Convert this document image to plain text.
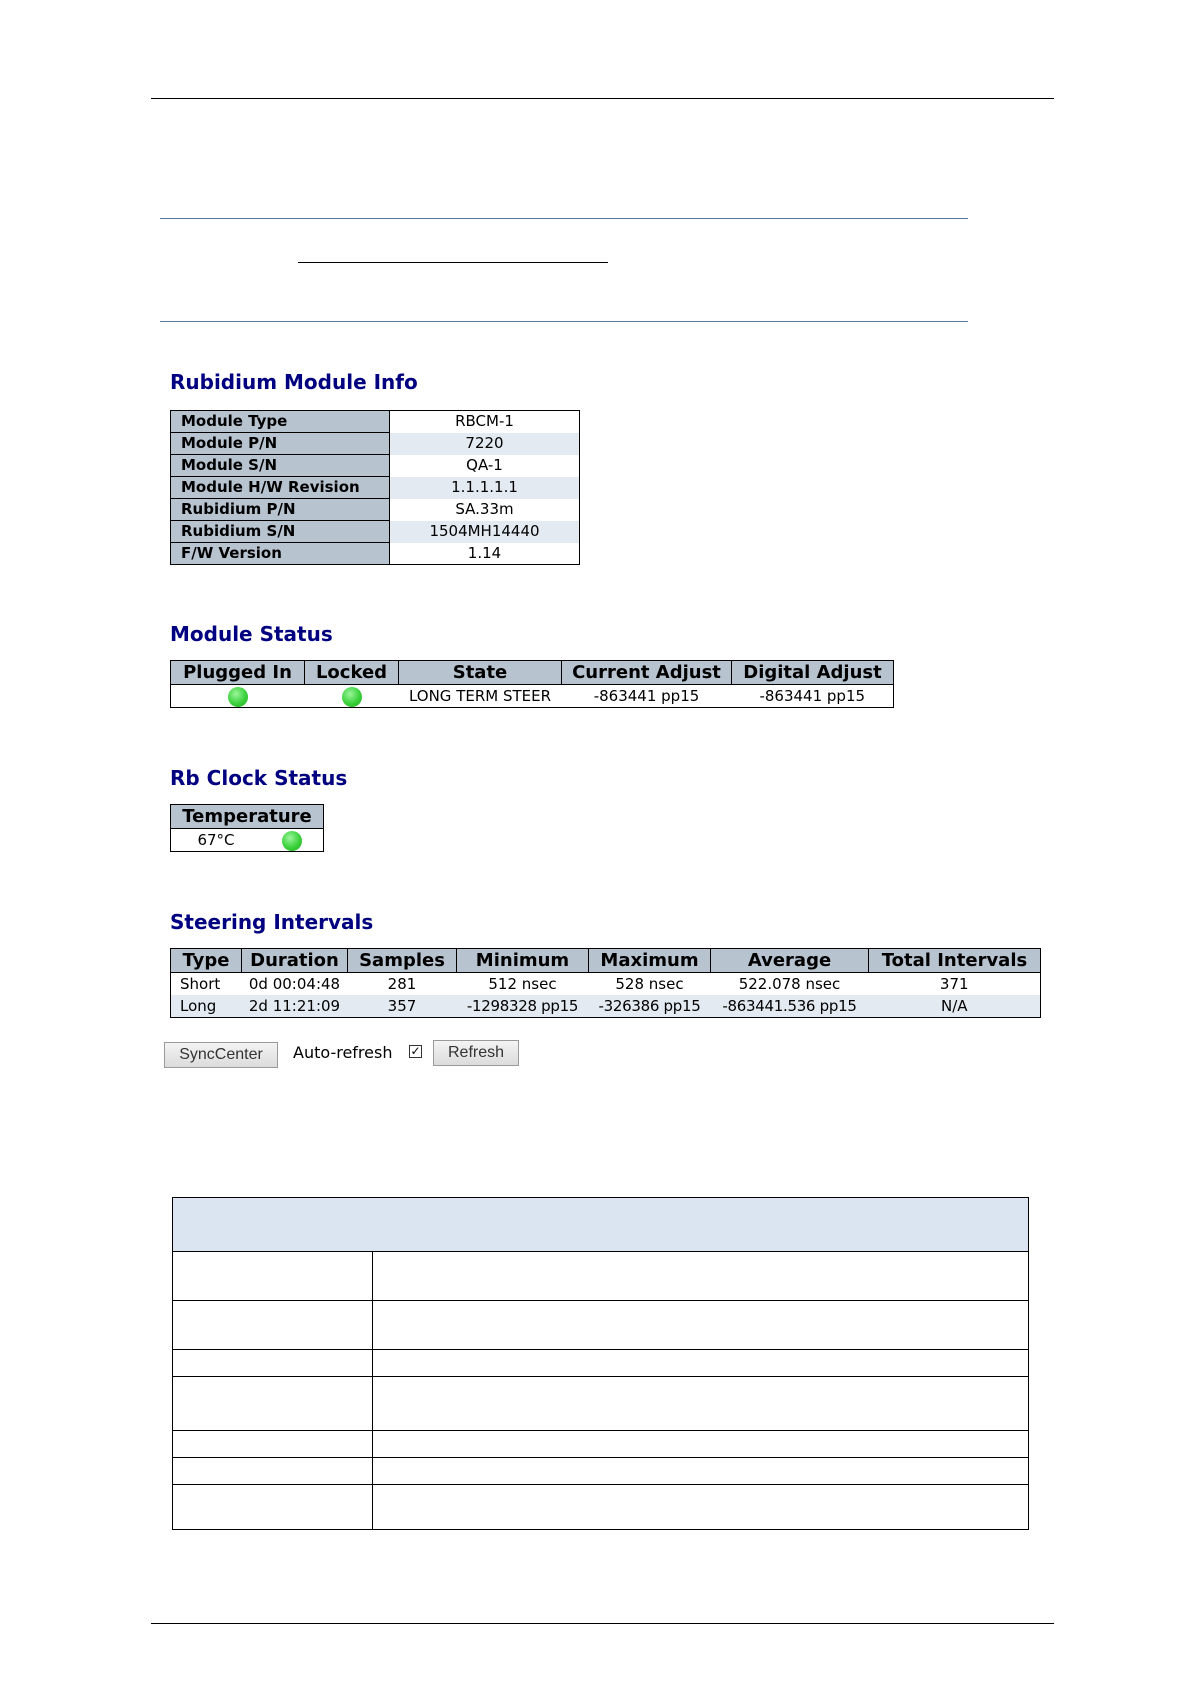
Rubidium Module Info
Module Type	RBCM-1
Module P/N	7220
Module S/N	QA-1
Module H/W Revision	1.1.1.1.1
Rubidium P/N	SA.33m
Rubidium S/N	1504MH14440
F/W Version	1.14
Module Status
Plugged In	Locked	State	Current Adjust	Digital Adjust
		LONG TERM STEER	-863441 pp15	-863441 pp15
Rb Clock Status
Temperature
67°C	
Steering Intervals
Type	Duration	Samples	Minimum	Maximum	Average	Total Intervals
Short	0d 00:04:48	281	512 nsec	528 nsec	522.078 nsec	371
Long	2d 11:21:09	357	-1298328 pp15	-326386 pp15	-863441.536 pp15	N/A
SyncCenter	Auto-refresh ✓	Refresh
